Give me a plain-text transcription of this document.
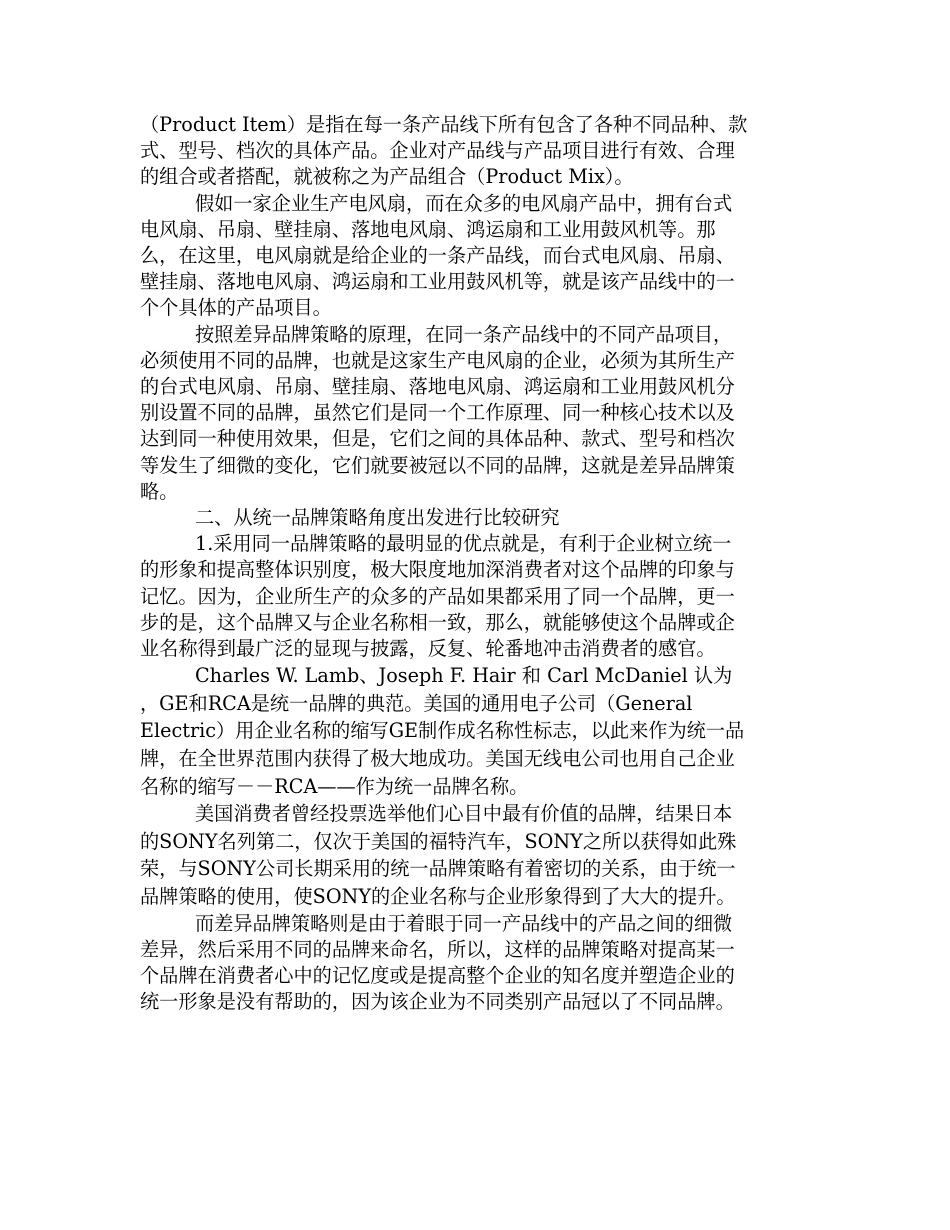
（Product Item）是指在每一条产品线下所有包含了各种不同品种、款式、型号、档次的具体产品。企业对产品线与产品项目进行有效、合理的组合或者搭配，就被称之为产品组合（Product Mix）。

假如一家企业生产电风扇，而在众多的电风扇产品中，拥有台式电风扇、吊扇、壁挂扇、落地电风扇、鸿运扇和工业用鼓风机等。那么，在这里，电风扇就是给企业的一条产品线，而台式电风扇、吊扇、壁挂扇、落地电风扇、鸿运扇和工业用鼓风机等，就是该产品线中的一个个具体的产品项目。

按照差异品牌策略的原理，在同一条产品线中的不同产品项目，必须使用不同的品牌，也就是这家生产电风扇的企业，必须为其所生产的台式电风扇、吊扇、壁挂扇、落地电风扇、鸿运扇和工业用鼓风机分别设置不同的品牌，虽然它们是同一个工作原理、同一种核心技术以及达到同一种使用效果，但是，它们之间的具体品种、款式、型号和档次等发生了细微的变化，它们就要被冠以不同的品牌，这就是差异品牌策略。

二、从统一品牌策略角度出发进行比较研究

1.采用同一品牌策略的最明显的优点就是，有利于企业树立统一的形象和提高整体识别度，极大限度地加深消费者对这个品牌的印象与记忆。因为，企业所生产的众多的产品如果都采用了同一个品牌，更一步的是，这个品牌又与企业名称相一致，那么，就能够使这个品牌或企业名称得到最广泛的显现与披露，反复、轮番地冲击消费者的感官。

Charles W. Lamb、Joseph F. Hair 和 Carl McDaniel 认为 ，GE和RCA是统一品牌的典范。美国的通用电子公司（General Electric）用企业名称的缩写GE制作成名称性标志，以此来作为统一品牌，在全世界范围内获得了极大地成功。美国无线电公司也用自己企业名称的缩写－－RCA——作为统一品牌名称。

美国消费者曾经投票选举他们心目中最有价值的品牌，结果日本的SONY名列第二，仅次于美国的福特汽车，SONY之所以获得如此殊荣，与SONY公司长期采用的统一品牌策略有着密切的关系，由于统一品牌策略的使用，使SONY的企业名称与企业形象得到了大大的提升。

而差异品牌策略则是由于着眼于同一产品线中的产品之间的细微差异，然后采用不同的品牌来命名，所以，这样的品牌策略对提高某一个品牌在消费者心中的记忆度或是提高整个企业的知名度并塑造企业的统一形象是没有帮助的，因为该企业为不同类别产品冠以了不同品牌。
